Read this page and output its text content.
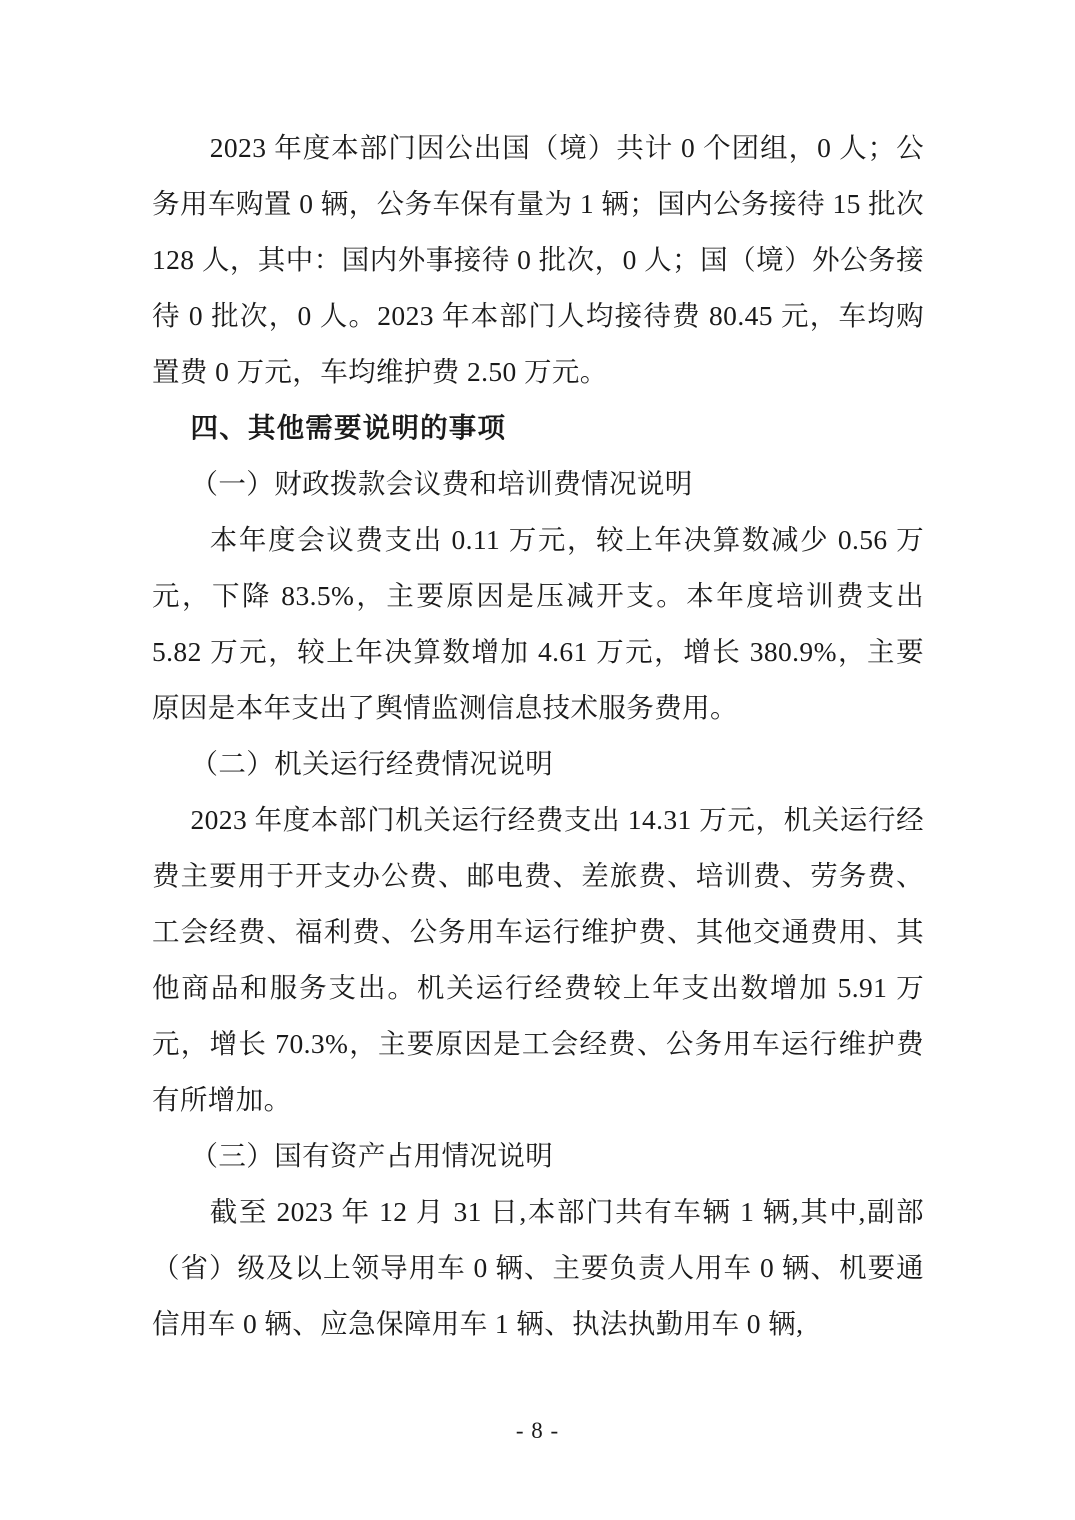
2023 年度本部门因公出国（境）共计 0 个团组，0 人；公务用车购置 0 辆，公务车保有量为 1 辆；国内公务接待 15 批次 128 人，其中：国内外事接待 0 批次，0 人；国（境）外公务接待 0 批次，0 人。2023 年本部门人均接待费 80.45 元，车均购置费 0 万元，车均维护费 2.50 万元。

四、其他需要说明的事项

（一）财政拨款会议费和培训费情况说明

本年度会议费支出 0.11 万元，较上年决算数减少 0.56 万元，下降 83.5%，主要原因是压减开支。本年度培训费支出 5.82 万元，较上年决算数增加 4.61 万元，增长 380.9%，主要原因是本年支出了舆情监测信息技术服务费用。

（二）机关运行经费情况说明

2023 年度本部门机关运行经费支出 14.31 万元，机关运行经费主要用于开支办公费、邮电费、差旅费、培训费、劳务费、工会经费、福利费、公务用车运行维护费、其他交通费用、其他商品和服务支出。机关运行经费较上年支出数增加 5.91 万元，增长 70.3%，主要原因是工会经费、公务用车运行维护费有所增加。

（三）国有资产占用情况说明

截至 2023 年 12 月 31 日,本部门共有车辆 1 辆,其中,副部（省）级及以上领导用车 0 辆、主要负责人用车 0 辆、机要通信用车 0 辆、应急保障用车 1 辆、执法执勤用车 0 辆,

- 8 -
